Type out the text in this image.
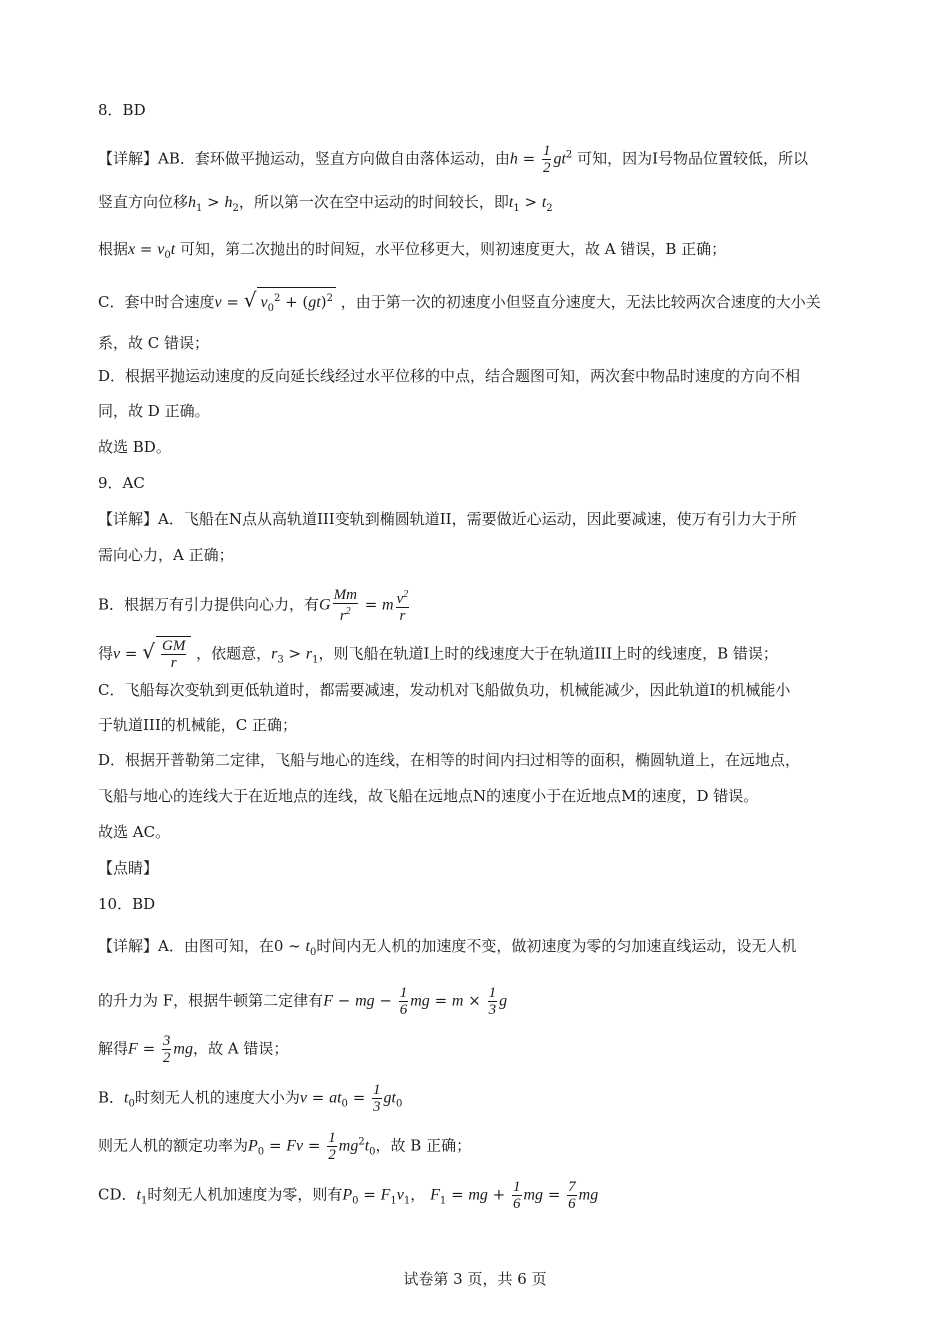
8．BD
【详解】AB．套环做平抛运动，竖直方向做自由落体运动，由$h = \frac{1}{2} gt^2$ 可知，因为I号物品位置较低，所以
竖直方向位移$h_1 > h_2$，所以第一次在空中运动的时间较长，即$t_1 > t_2$
根据$x = v_0t$ 可知，第二次抛出的时间短，水平位移更大，则初速度更大，故 A 错误，B 正确；
C．套中时合速度v = √ $v_0^2 + (gt)^2$ ，由于第一次的初速度小但竖直分速度大，无法比较两次合速度的大小关
系，故 C 错误；
D．根据平抛运动速度的反向延长线经过水平位移的中点，结合题图可知，两次套中物品时速度的方向不相
同，故 D 正确。
故选 BD。
9．AC
【详解】A．飞船在N点从高轨道III变轨到椭圆轨道II，需要做近心运动，因此要减速，使万有引力大于所
需向心力，A 正确；
B．根据万有引力提供向心力，有G $\frac{Mm}{r^2} = m \frac{v^2}{r}$
得v = √ $\frac{GM}{r}$ ，依题意，$r_3 > r_1$，则飞船在轨道I上时的线速度大于在轨道III上时的线速度，B 错误；
C．飞船每次变轨到更低轨道时，都需要减速，发动机对飞船做负功，机械能减少，因此轨道I的机械能小
于轨道III的机械能，C 正确；
D．根据开普勒第二定律，飞船与地心的连线，在相等的时间内扫过相等的面积，椭圆轨道上，在远地点，
飞船与地心的连线大于在近地点的连线，故飞船在远地点N的速度小于在近地点M的速度，D 错误。
故选 AC。
【点睛】
10．BD
【详解】A．由图可知，在0 ~ $t_0$时间内无人机的加速度不变，做初速度为零的匀加速直线运动，设无人机
的升力为 F，根据牛顿第二定律有F − mg − $\frac{1}{6}$ mg = $m \times \frac{1}{3}$ g
解得$F = \frac{3}{2}$ mg，故 A 错误；
B．$t_0$时刻无人机的速度大小为$v = at_0 = \frac{1}{3} gt_0$
则无人机的额定功率为$P_0 = Fv = \frac{1}{2} mg^2t_0$，故 B 正确；
CD．$t_1$时刻无人机加速度为零，则有$P_0 = F_1v_1$， $F_1$ = mg + $\frac{1}{6}$ mg = $\frac{7}{6}$ mg
试卷第 3 页，共 6 页
